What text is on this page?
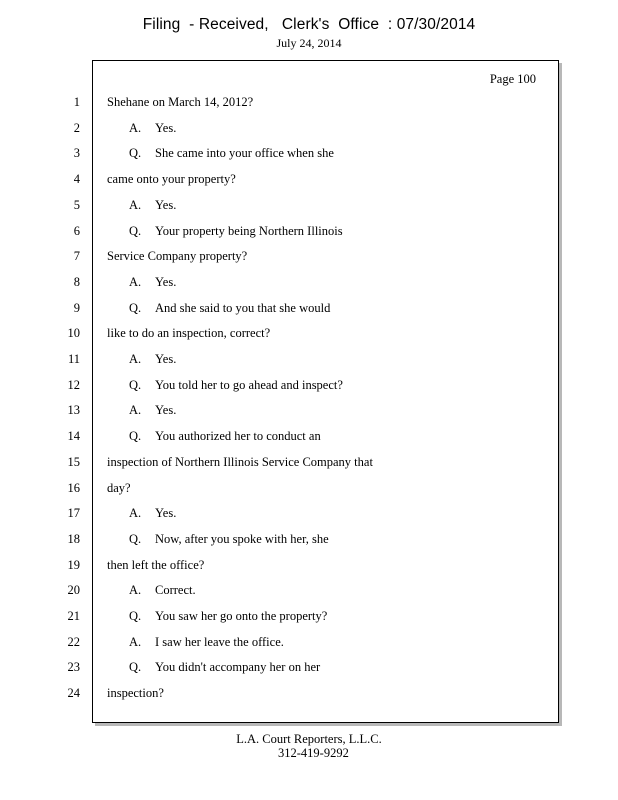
Filing  - Received,   Clerk's  Office  : 07/30/2014
July 24, 2014
Page 100
1 Shehane on March 14, 2012?
2	A. Yes.
3	Q. She came into your office when she
4 came onto your property?
5	A. Yes.
6	Q. Your property being Northern Illinois
7 Service Company property?
8	A. Yes.
9	Q. And she said to you that she would
10 like to do an inspection, correct?
11	A. Yes.
12	Q. You told her to go ahead and inspect?
13	A. Yes.
14	Q. You authorized her to conduct an
15 inspection of Northern Illinois Service Company that
16 day?
17	A. Yes.
18	Q. Now, after you spoke with her, she
19 then left the office?
20	A. Correct.
21	Q. You saw her go onto the property?
22	A. I saw her leave the office.
23	Q. You didn't accompany her on her
24 inspection?
L.A. Court Reporters, L.L.C.
312-419-9292
